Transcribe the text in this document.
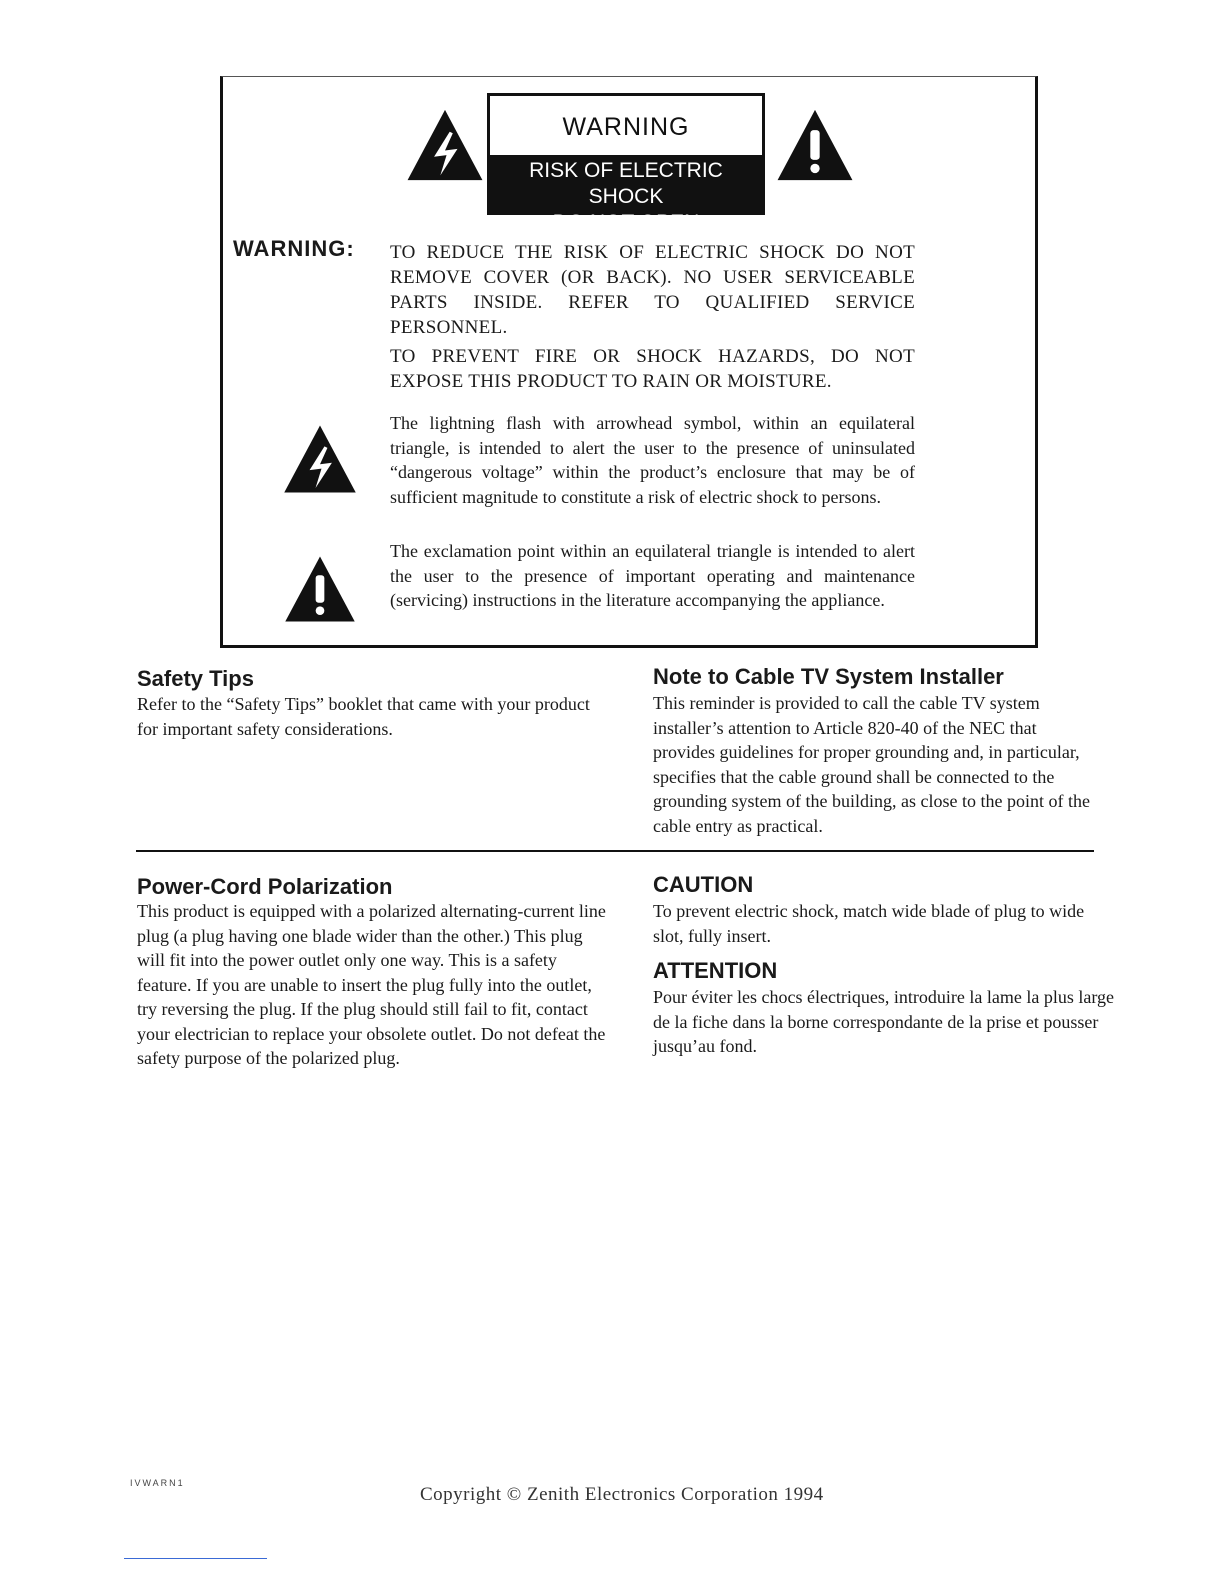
WARNING
RISK OF ELECTRIC SHOCK
DO NOT OPEN
WARNING: TO REDUCE THE RISK OF ELECTRIC SHOCK DO NOT REMOVE COVER (OR BACK). NO USER SERVICEABLE PARTS INSIDE. REFER TO QUALIFIED SERVICE PERSONNEL.
TO PREVENT FIRE OR SHOCK HAZARDS, DO NOT EXPOSE THIS PRODUCT TO RAIN OR MOISTURE.
The lightning flash with arrowhead symbol, within an equilateral triangle, is intended to alert the user to the presence of uninsulated “dangerous voltage” within the product’s enclosure that may be of sufficient magnitude to constitute a risk of electric shock to persons.
The exclamation point within an equilateral triangle is intended to alert the user to the presence of important operating and maintenance (servicing) instructions in the literature accompanying the appliance.
Safety Tips
Refer to the “Safety Tips” booklet that came with your product for important safety considerations.
Note to Cable TV System Installer
This reminder is provided to call the cable TV system installer’s attention to Article 820-40 of the NEC that provides guidelines for proper grounding and, in particular, specifies that the cable ground shall be connected to the grounding system of the building, as close to the point of the cable entry as practical.
Power-Cord Polarization
This product is equipped with a polarized alternating-current line plug (a plug having one blade wider than the other.) This plug will fit into the power outlet only one way. This is a safety feature. If you are unable to insert the plug fully into the outlet, try reversing the plug. If the plug should still fail to fit, contact your electrician to replace your obsolete outlet. Do not defeat the safety purpose of the polarized plug.
CAUTION
To prevent electric shock, match wide blade of plug to wide slot, fully insert.
ATTENTION
Pour éviter les chocs électriques, introduire la lame la plus large de la fiche dans la borne correspondante de la prise et pousser jusqu’au fond.
IVWARN1
Copyright © Zenith Electronics Corporation 1994
